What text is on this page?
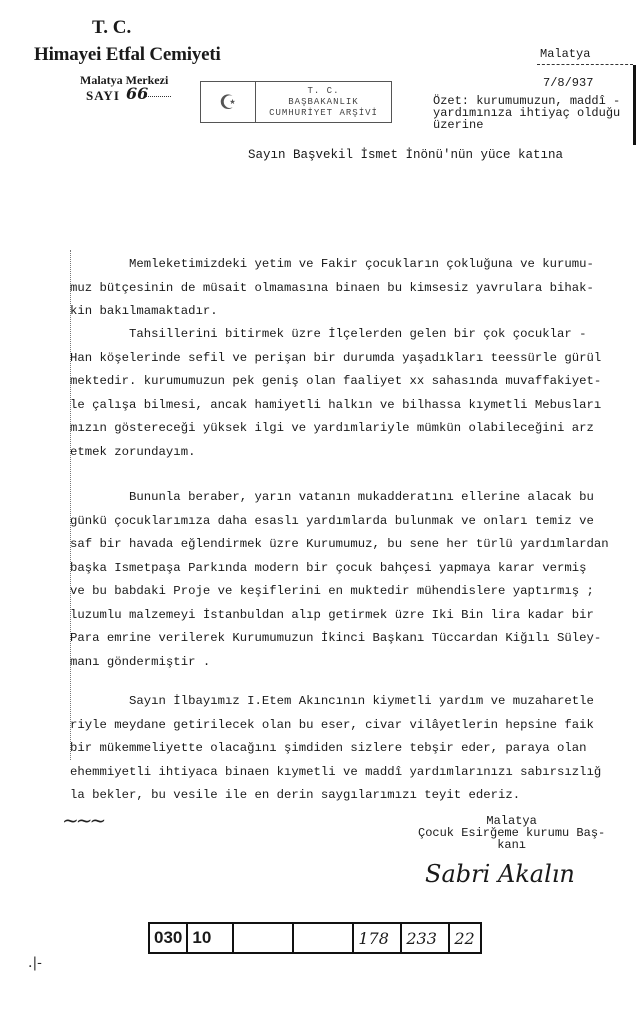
T. C.
Himayei Etfal Cemiyeti
Malatya Merkezi
SAYI 66	☪
T. C.
BAŞBAKANLIK
CUMHURİYET ARŞİVİ
Malatya
7/8/937
Özet: kurumumuzun, maddî - yardımınıza ihtiyaç olduğu üzerine
Sayın Başvekil İsmet İnönü'nün yüce katına
Memleketimizdeki yetim ve Fakir çocukların çokluğuna ve kurumu-
muz bütçesinin de müsait olmamasına binaen bu kimsesiz yavrulara bihak-
kin bakılmamaktadır.
Tahsillerini bitirmek üzre İlçelerden gelen bir çok çocuklar -
Han köşelerinde sefil ve perişan bir durumda yaşadıkları teessürle gürül
mektedir. kurumumuzun pek geniş olan faaliyet xx sahasında muvaffakiyet-
le çalışa bilmesi, ancak hamiyetli halkın ve bilhassa kıymetli Mebusları
mızın göstereceği yüksek ilgi ve yardımlariyle mümkün olabileceğini arz
etmek zorundayım.
Bununla beraber, yarın vatanın mukadderatını ellerine alacak bu
günkü çocuklarımıza daha esaslı yardımlarda bulunmak ve onları temiz ve
saf bir havada eğlendirmek üzre Kurumumuz, bu sene her türlü yardımlardan
başka Ismetpaşa Parkında modern bir çocuk bahçesi yapmaya karar vermiş
ve bu babdaki Proje ve keşiflerini en muktedir mühendislere yaptırmış ;
luzumlu malzemeyi İstanbuldan alıp getirmek üzre Iki Bin lira kadar bir
Para emrine verilerek Kurumumuzun İkinci Başkanı Tüccardan Kiğılı Süley-
manı göndermiştir .
Sayın İlbayımız I.Etem Akıncının kiymetli yardım ve muzaharetle
riyle meydane getirilecek olan bu eser, civar vilâyetlerin hepsine faik
bir mükemmeliyette olacağını şimdiden sizlere tebşir eder, paraya olan
ehemmiyetli ihtiyaca binaen kıymetli ve maddî yardımlarınızı sabırsızlığ
la bekler, bu vesile ile en derin saygılarımızı teyit ederiz.
~~~	Malatya
Çocuk Esirğeme kurumu Baş-
kanı
Sabri Akalın
030	10			178	233	22
.|-
